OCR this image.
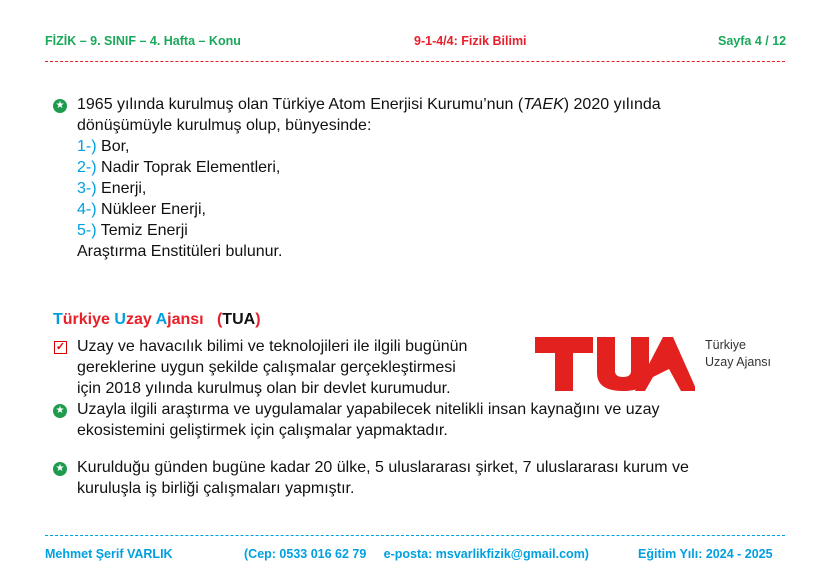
FİZİK – 9. SINIF – 4. Hafta – Konu	9-1-4/4: Fizik Bilimi	Sayfa 4 / 12
★ 1965 yılında kurulmuş olan Türkiye Atom Enerjisi Kurumu’nun (TAEK) 2020 yılında
dönüşümüyle kurulmuş olup, bünyesinde:
1-) Bor,
2-) Nadir Toprak Elementleri,
3-) Enerji,
4-) Nükleer Enerji,
5-) Temiz Enerji
Araştırma Enstitüleri bulunur.
Türkiye Uzay Ajansı (TUA)
✓ Uzay ve havacılık bilimi ve teknolojileri ile ilgili bugünün
gereklerine uygun şekilde çalışmalar gerçekleştirmesi
için 2018 yılında kurulmuş olan bir devlet kurumudur.
Türkiye
Uzay Ajansı
★ Uzayla ilgili araştırma ve uygulamalar yapabilecek nitelikli insan kaynağını ve uzay
ekosistemini geliştirmek için çalışmalar yapmaktadır.
★ Kurulduğu günden bugüne kadar 20 ülke, 5 uluslararası şirket, 7 uluslararası kurum ve
kuruluşla iş birliği çalışmaları yapmıştır.
Mehmet Şerif VARLIK	(Cep: 0533 016 62 79     e-posta: msvarlikfizik@gmail.com)	Eğitim Yılı: 2024 - 2025
